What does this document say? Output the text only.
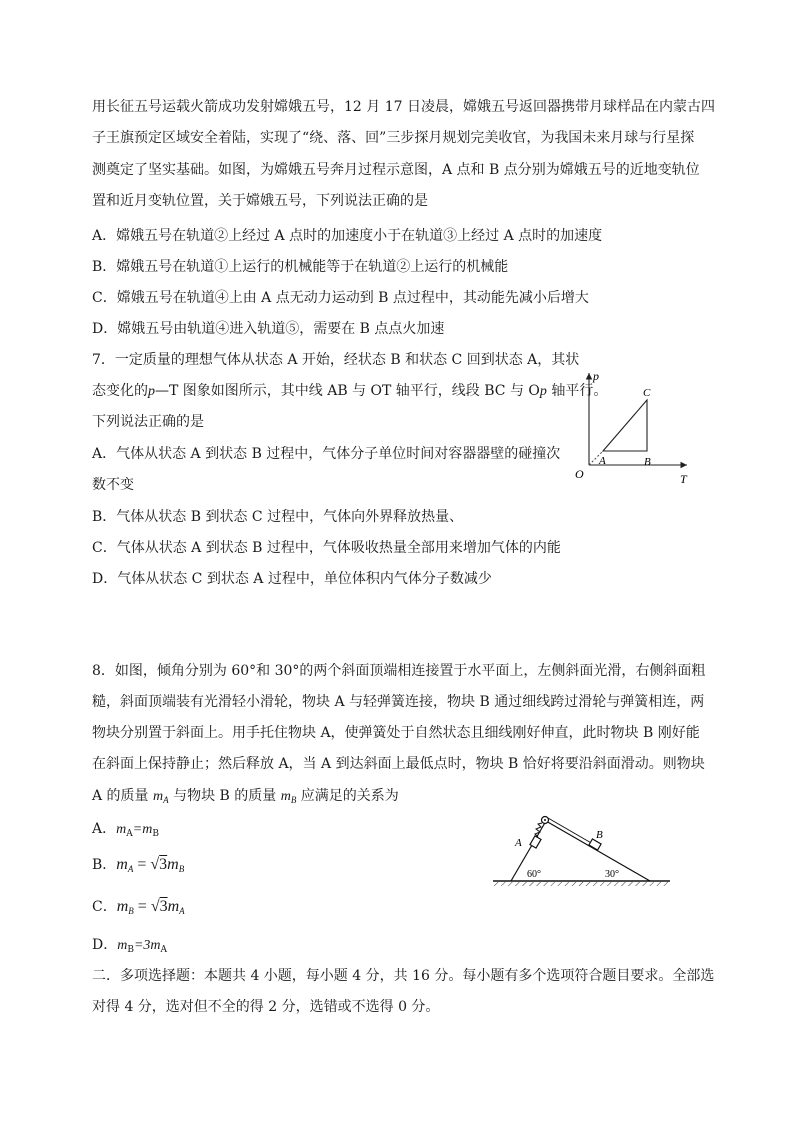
用长征五号运载火箭成功发射嫦娥五号，12 月 17 日凌晨，嫦娥五号返回器携带月球样品在内蒙古四
子王旗预定区域安全着陆，实现了“绕、落、回”三步探月规划完美收官，为我国未来月球与行星探
测奠定了坚实基础。如图，为嫦娥五号奔月过程示意图，A 点和 B 点分别为嫦娥五号的近地变轨位
置和近月变轨位置，关于嫦娥五号，下列说法正确的是
A．嫦娥五号在轨道②上经过 A 点时的加速度小于在轨道③上经过 A 点时的加速度
B．嫦娥五号在轨道①上运行的机械能等于在轨道②上运行的机械能
C．嫦娥五号在轨道④上由 A 点无动力运动到 B 点过程中，其动能先减小后增大
D．嫦娥五号由轨道④进入轨道⑤，需要在 B 点点火加速
7．一定质量的理想气体从状态 A 开始，经状态 B 和状态 C 回到状态 A，其状
态变化的p—T 图象如图所示，其中线 AB 与 OT 轴平行，线段 BC 与 Op 轴平行。
下列说法正确的是
A．气体从状态 A 到状态 B 过程中，气体分子单位时间对容器器壁的碰撞次
数不变
B．气体从状态 B 到状态 C 过程中，气体向外界释放热量、
C．气体从状态 A 到状态 B 过程中，气体吸收热量全部用来增加气体的内能
D．气体从状态 C 到状态 A 过程中，单位体积内气体分子数减少
p
T
O
A	B
C
8．如图，倾角分别为 60°和 30°的两个斜面顶端相连接置于水平面上，左侧斜面光滑，右侧斜面粗
糙，斜面顶端装有光滑轻小滑轮，物块 A 与轻弹簧连接，物块 B 通过细线跨过滑轮与弹簧相连，两
物块分别置于斜面上。用手托住物块 A，使弹簧处于自然状态且细线刚好伸直，此时物块 B 刚好能
在斜面上保持静止；然后释放 A，当 A 到达斜面上最低点时，物块 B 恰好将要沿斜面滑动。则物块
A 的质量 $m_A$ 与物块 B 的质量 $m_B$ 应满足的关系为
A．$m_A=m_B$
B．$m_A = √3m_B$
C．$m_B = √3m_A$
D．$m_B=3m_A$
A
B
60°	30°
二．多项选择题：本题共 4 小题，每小题 4 分，共 16 分。每小题有多个选项符合题目要求。全部选
对得 4 分，选对但不全的得 2 分，选错或不选得 0 分。
